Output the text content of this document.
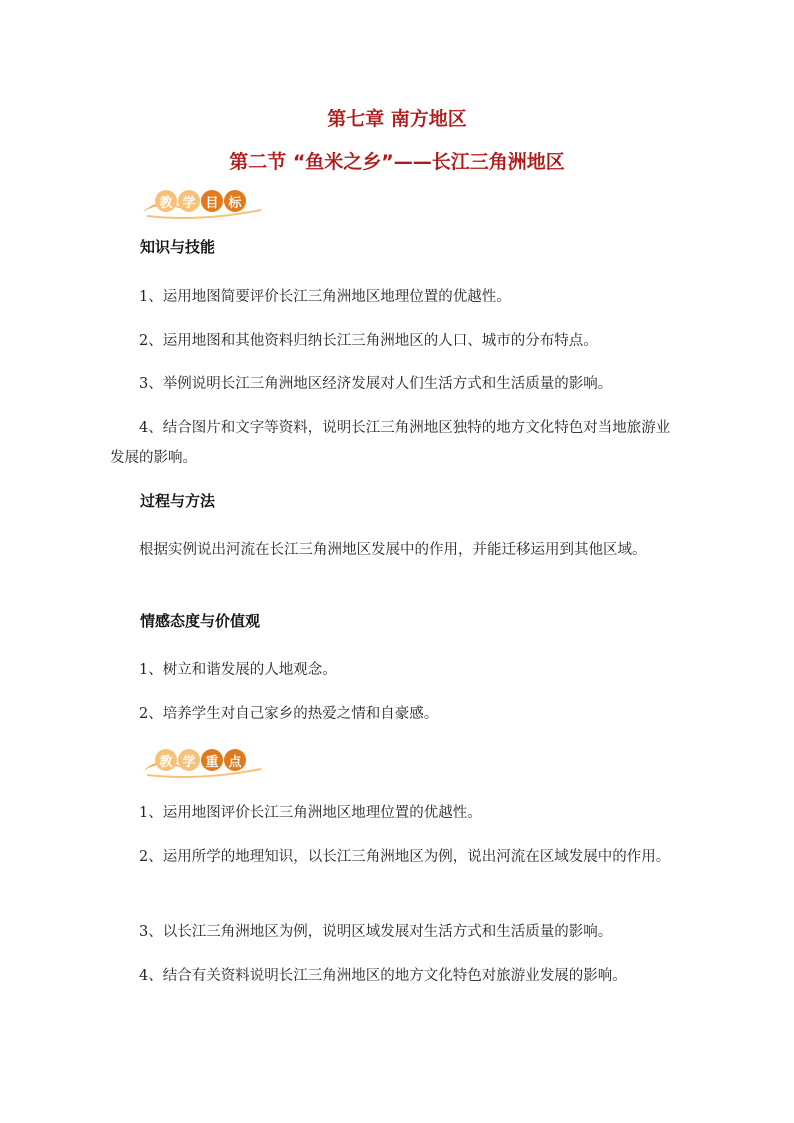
第七章 南方地区
第二节 “鱼米之乡”——长江三角洲地区
教 学 目 标
知识与技能
1、运用地图简要评价长江三角洲地区地理位置的优越性。
2、运用地图和其他资料归纳长江三角洲地区的人口、城市的分布特点。
3、举例说明长江三角洲地区经济发展对人们生活方式和生活质量的影响。
4、结合图片和文字等资料，说明长江三角洲地区独特的地方文化特色对当地旅游业发展的影响。
过程与方法
根据实例说出河流在长江三角洲地区发展中的作用，并能迁移运用到其他区域。
情感态度与价值观
1、树立和谐发展的人地观念。
2、培养学生对自己家乡的热爱之情和自豪感。
教 学 重 点
1、运用地图评价长江三角洲地区地理位置的优越性。
2、运用所学的地理知识，以长江三角洲地区为例，说出河流在区域发展中的作用。
3、以长江三角洲地区为例，说明区域发展对生活方式和生活质量的影响。
4、结合有关资料说明长江三角洲地区的地方文化特色对旅游业发展的影响。
